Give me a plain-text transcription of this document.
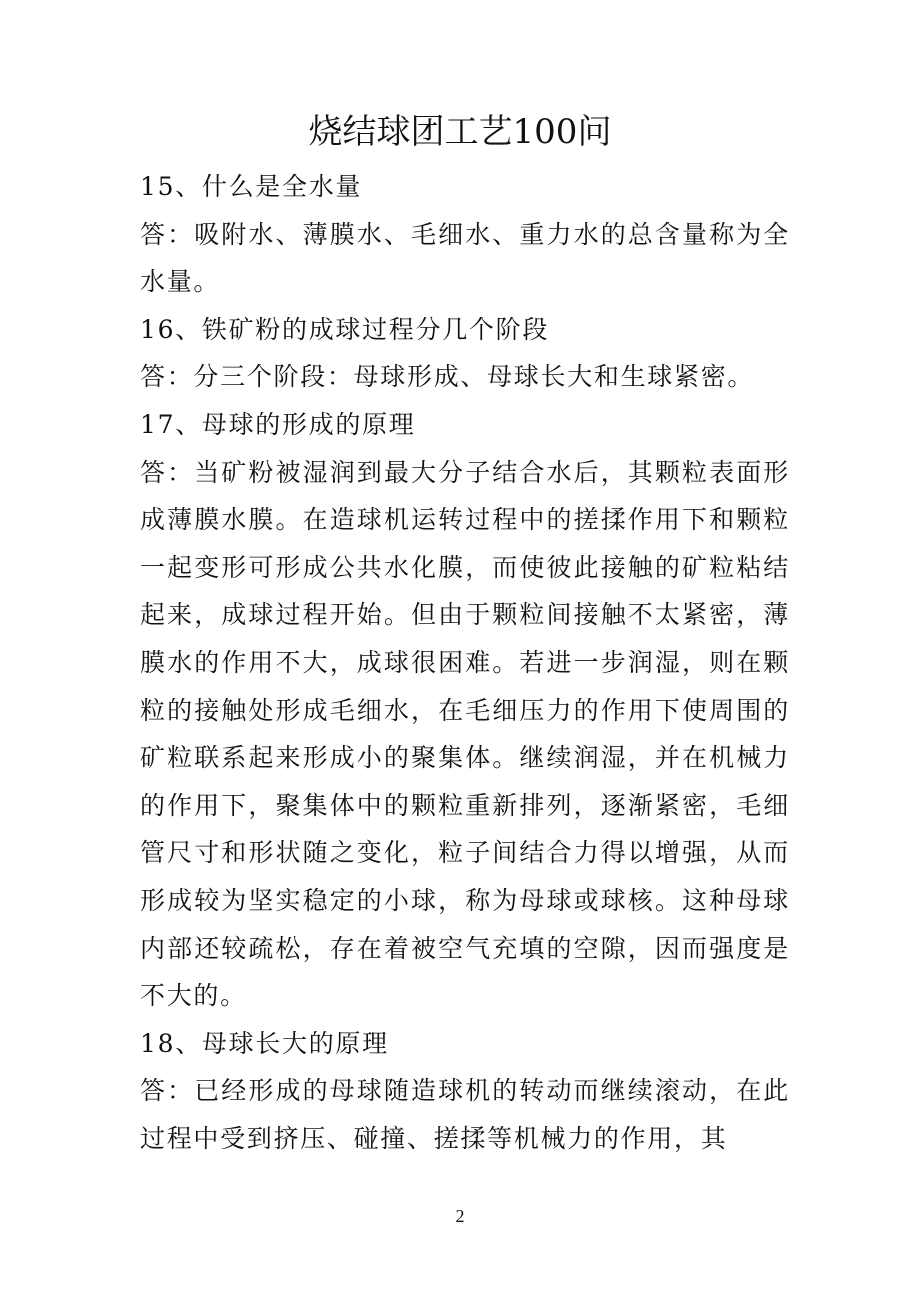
烧结球团工艺100问

15、什么是全水量

答：吸附水、薄膜水、毛细水、重力水的总含量称为全水量。

16、铁矿粉的成球过程分几个阶段

答：分三个阶段：母球形成、母球长大和生球紧密。

17、母球的形成的原理

答：当矿粉被湿润到最大分子结合水后，其颗粒表面形成薄膜水膜。在造球机运转过程中的搓揉作用下和颗粒一起变形可形成公共水化膜，而使彼此接触的矿粒粘结起来，成球过程开始。但由于颗粒间接触不太紧密，薄膜水的作用不大，成球很困难。若进一步润湿，则在颗粒的接触处形成毛细水，在毛细压力的作用下使周围的矿粒联系起来形成小的聚集体。继续润湿，并在机械力的作用下，聚集体中的颗粒重新排列，逐渐紧密，毛细管尺寸和形状随之变化，粒子间结合力得以增强，从而形成较为坚实稳定的小球，称为母球或球核。这种母球内部还较疏松，存在着被空气充填的空隙，因而强度是不大的。

18、母球长大的原理

答：已经形成的母球随造球机的转动而继续滚动，在此过程中受到挤压、碰撞、搓揉等机械力的作用，其

2
